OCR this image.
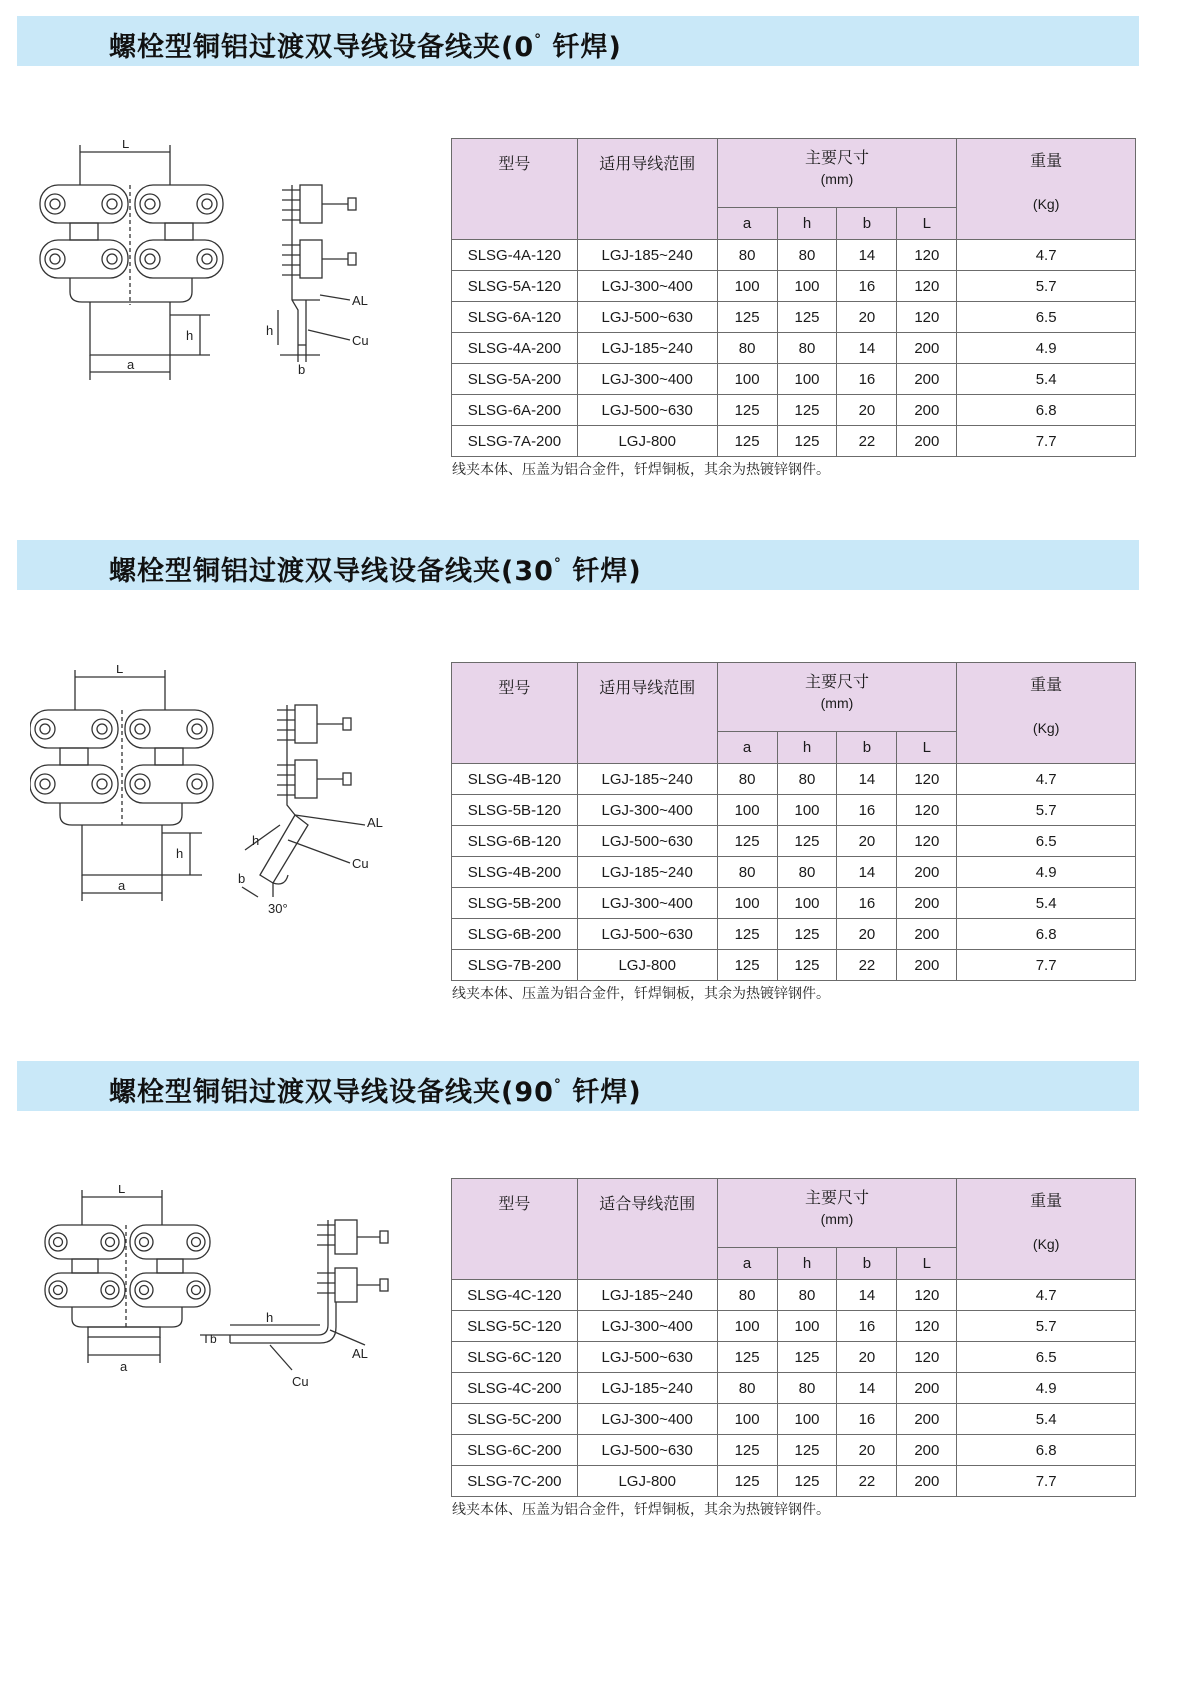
螺栓型铜铝过渡双导线设备线夹(0° 钎焊)
L
h
a
h
b
AL
Cu
型号	适用导线范围	主要尺寸
(mm)				重量
(Kg)

		a	h	b	L	
SLSG-4A-120	LGJ-185~240	80	80	14	120	4.7
SLSG-5A-120	LGJ-300~400	100	100	16	120	5.7
SLSG-6A-120	LGJ-500~630	125	125	20	120	6.5
SLSG-4A-200	LGJ-185~240	80	80	14	200	4.9
SLSG-5A-200	LGJ-300~400	100	100	16	200	5.4
SLSG-6A-200	LGJ-500~630	125	125	20	200	6.8
SLSG-7A-200	LGJ-800	125	125	22	200	7.7
线夹本体、压盖为铝合金件，钎焊铜板，其余为热镀锌钢件。
螺栓型铜铝过渡双导线设备线夹(30° 钎焊)
L
h
a
h
b
30°
AL
Cu
型号	适用导线范围	主要尺寸
(mm)				重量
(Kg)

		a	h	b	L	
SLSG-4B-120	LGJ-185~240	80	80	14	120	4.7
SLSG-5B-120	LGJ-300~400	100	100	16	120	5.7
SLSG-6B-120	LGJ-500~630	125	125	20	120	6.5
SLSG-4B-200	LGJ-185~240	80	80	14	200	4.9
SLSG-5B-200	LGJ-300~400	100	100	16	200	5.4
SLSG-6B-200	LGJ-500~630	125	125	20	200	6.8
SLSG-7B-200	LGJ-800	125	125	22	200	7.7
线夹本体、压盖为铝合金件，钎焊铜板，其余为热镀锌钢件。
螺栓型铜铝过渡双导线设备线夹(90° 钎焊)
L
a
h
b
AL
Cu
型号	适合导线范围	主要尺寸
(mm)				重量
(Kg)

		a	h	b	L	
SLSG-4C-120	LGJ-185~240	80	80	14	120	4.7
SLSG-5C-120	LGJ-300~400	100	100	16	120	5.7
SLSG-6C-120	LGJ-500~630	125	125	20	120	6.5
SLSG-4C-200	LGJ-185~240	80	80	14	200	4.9
SLSG-5C-200	LGJ-300~400	100	100	16	200	5.4
SLSG-6C-200	LGJ-500~630	125	125	20	200	6.8
SLSG-7C-200	LGJ-800	125	125	22	200	7.7
线夹本体、压盖为铝合金件，钎焊铜板，其余为热镀锌钢件。
